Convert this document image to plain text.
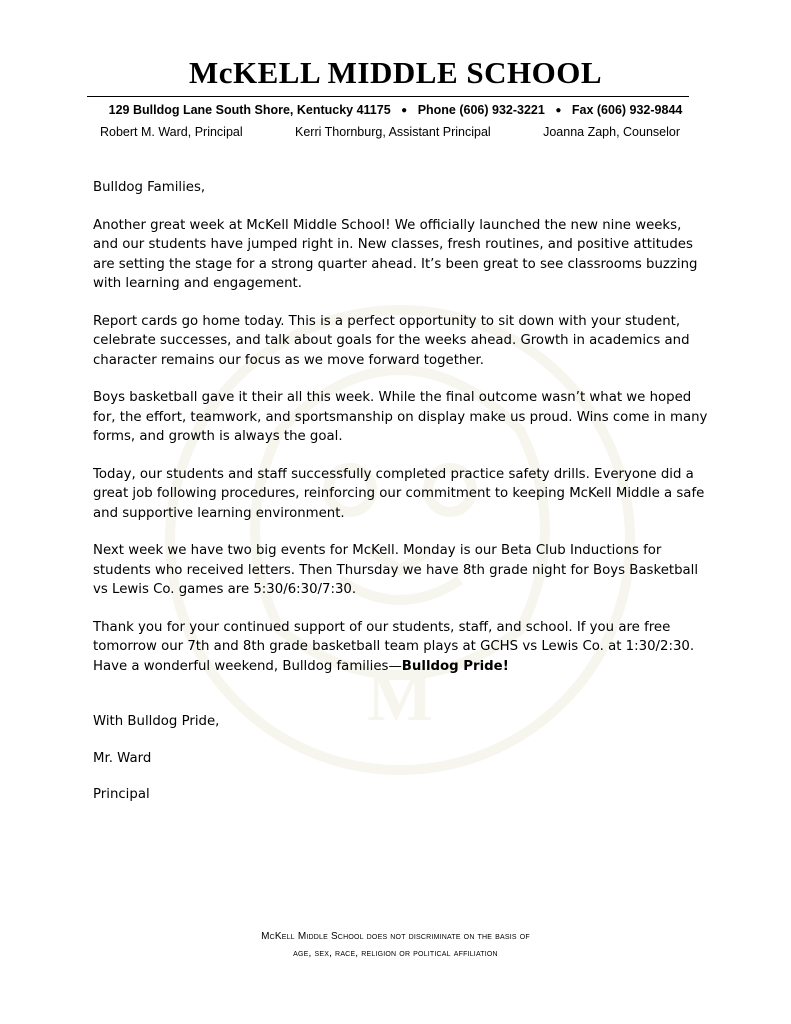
M
McKELL MIDDLE SCHOOL
129 Bulldog Lane South Shore, Kentucky 41175 ● Phone (606) 932-3221 ● Fax (606) 932-9844
Robert M. Ward, Principal	Kerri Thornburg, Assistant Principal	Joanna Zaph, Counselor

Bulldog Families,

Another great week at McKell Middle School! We officially launched the new nine weeks, and our students have jumped right in. New classes, fresh routines, and positive attitudes are setting the stage for a strong quarter ahead. It’s been great to see classrooms buzzing with learning and engagement.

Report cards go home today. This is a perfect opportunity to sit down with your student, celebrate successes, and talk about goals for the weeks ahead. Growth in academics and character remains our focus as we move forward together.

Boys basketball gave it their all this week. While the final outcome wasn’t what we hoped for, the effort, teamwork, and sportsmanship on display make us proud. Wins come in many forms, and growth is always the goal.

Today, our students and staff successfully completed practice safety drills. Everyone did a great job following procedures, reinforcing our commitment to keeping McKell Middle a safe and supportive learning environment.

Next week we have two big events for McKell. Monday is our Beta Club Inductions for students who received letters. Then Thursday we have 8th grade night for Boys Basketball vs Lewis Co. games are 5:30/6:30/7:30.

Thank you for your continued support of our students, staff, and school. If you are free tomorrow our 7th and 8th grade basketball team plays at GCHS vs Lewis Co. at 1:30/2:30.

Have a wonderful weekend, Bulldog families—Bulldog Pride!

With Bulldog Pride,

Mr. Ward

Principal

McKell Middle School does not discriminate on the basis of
age, sex, race, religion or political affiliation
